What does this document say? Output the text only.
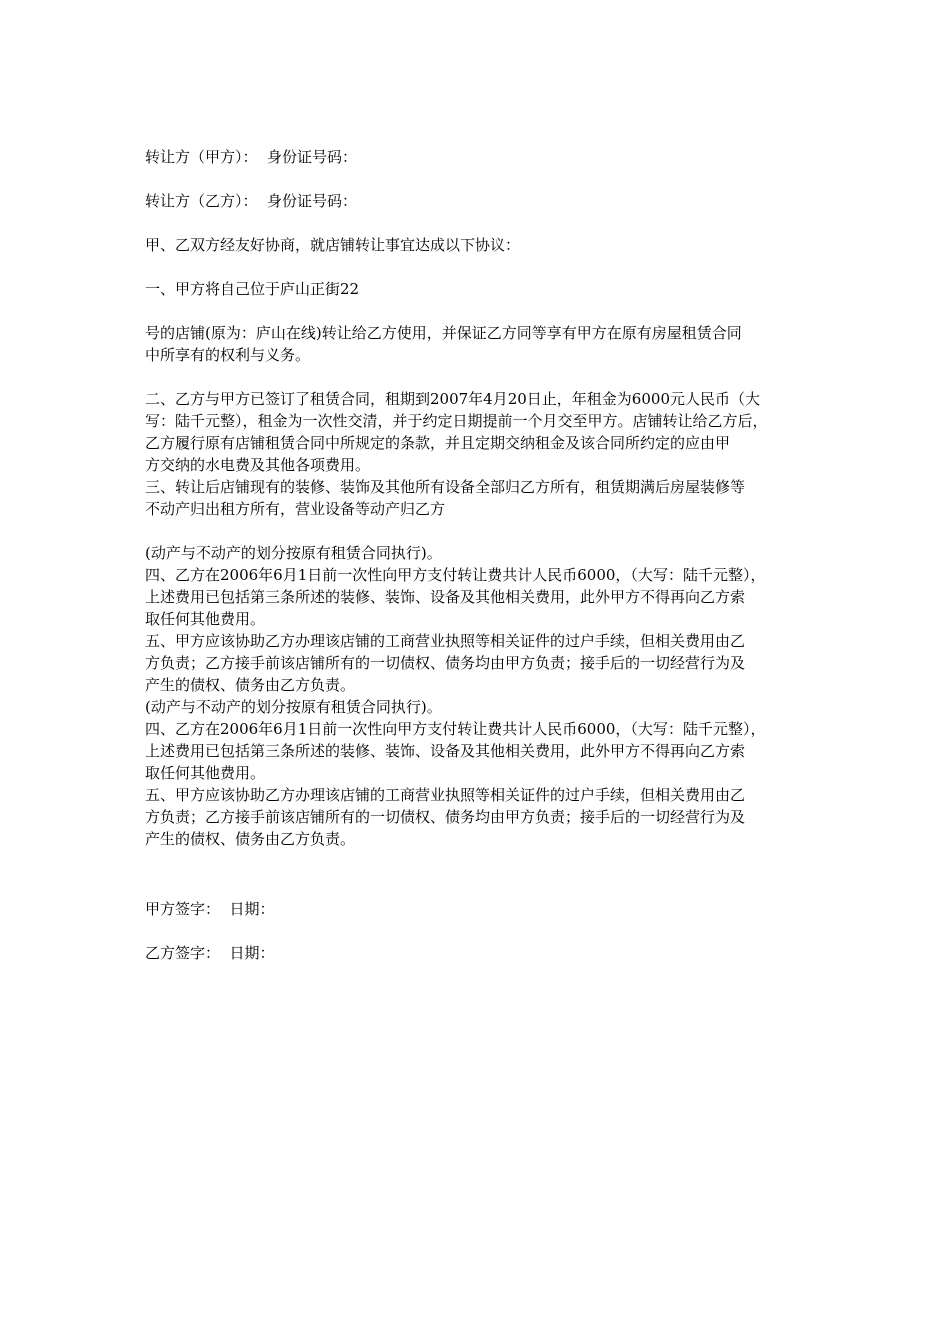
转让方（甲方）：  身份证号码：

转让方（乙方）：  身份证号码：

甲、乙双方经友好协商，就店铺转让事宜达成以下协议：

一、甲方将自己位于庐山正街22

号的店铺(原为：庐山在线)转让给乙方使用，并保证乙方同等享有甲方在原有房屋租赁合同

中所享有的权利与义务。

二、乙方与甲方已签订了租赁合同，租期到2007年4月20日止，年租金为6000元人民币（大

写：陆千元整），租金为一次性交清，并于约定日期提前一个月交至甲方。店铺转让给乙方后，

乙方履行原有店铺租赁合同中所规定的条款，并且定期交纳租金及该合同所约定的应由甲

方交纳的水电费及其他各项费用。

三、转让后店铺现有的装修、装饰及其他所有设备全部归乙方所有，租赁期满后房屋装修等

不动产归出租方所有，营业设备等动产归乙方

(动产与不动产的划分按原有租赁合同执行)。

四、乙方在2006年6月1日前一次性向甲方支付转让费共计人民币6000，（大写：陆千元整），

上述费用已包括第三条所述的装修、装饰、设备及其他相关费用，此外甲方不得再向乙方索

取任何其他费用。

五、甲方应该协助乙方办理该店铺的工商营业执照等相关证件的过户手续，但相关费用由乙

方负责；乙方接手前该店铺所有的一切债权、债务均由甲方负责；接手后的一切经营行为及

产生的债权、债务由乙方负责。

(动产与不动产的划分按原有租赁合同执行)。

四、乙方在2006年6月1日前一次性向甲方支付转让费共计人民币6000，（大写：陆千元整），

上述费用已包括第三条所述的装修、装饰、设备及其他相关费用，此外甲方不得再向乙方索

取任何其他费用。

五、甲方应该协助乙方办理该店铺的工商营业执照等相关证件的过户手续，但相关费用由乙

方负责；乙方接手前该店铺所有的一切债权、债务均由甲方负责；接手后的一切经营行为及

产生的债权、债务由乙方负责。

甲方签字：  日期：

乙方签字：  日期：
